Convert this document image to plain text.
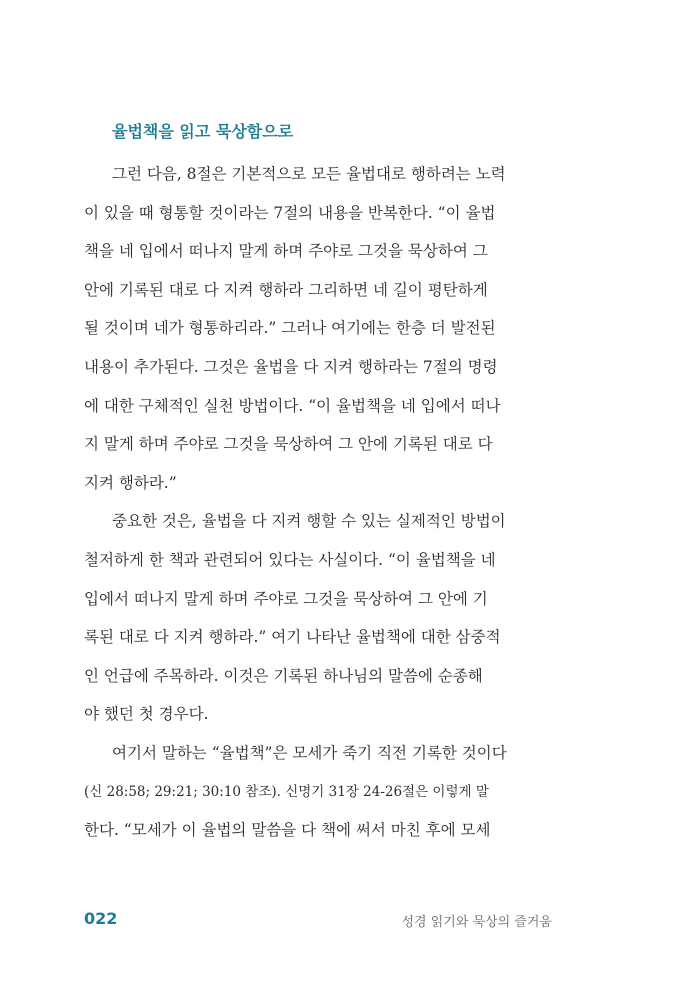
율법책을 읽고 묵상함으로
그런 다음, 8절은 기본적으로 모든 율법대로 행하려는 노력
이 있을 때 형통할 것이라는 7절의 내용을 반복한다. “이 율법
책을 네 입에서 떠나지 말게 하며 주야로 그것을 묵상하여 그
안에 기록된 대로 다 지켜 행하라 그리하면 네 길이 평탄하게
될 것이며 네가 형통하리라.” 그러나 여기에는 한층 더 발전된
내용이 추가된다. 그것은 율법을 다 지켜 행하라는 7절의 명령
에 대한 구체적인 실천 방법이다. “이 율법책을 네 입에서 떠나
지 말게 하며 주야로 그것을 묵상하여 그 안에 기록된 대로 다
지켜 행하라.”
중요한 것은, 율법을 다 지켜 행할 수 있는 실제적인 방법이
철저하게 한 책과 관련되어 있다는 사실이다. “이 율법책을 네
입에서 떠나지 말게 하며 주야로 그것을 묵상하여 그 안에 기
록된 대로 다 지켜 행하라.” 여기 나타난 율법책에 대한 삼중적
인 언급에 주목하라. 이것은 기록된 하나님의 말씀에 순종해
야 했던 첫 경우다.
여기서 말하는 “율법책”은 모세가 죽기 직전 기록한 것이다
(신 28:58; 29:21; 30:10 참조). 신명기 31장 24-26절은 이렇게 말
한다. “모세가 이 율법의 말씀을 다 책에 써서 마친 후에 모세
022	성경 읽기와 묵상의 즐거움
